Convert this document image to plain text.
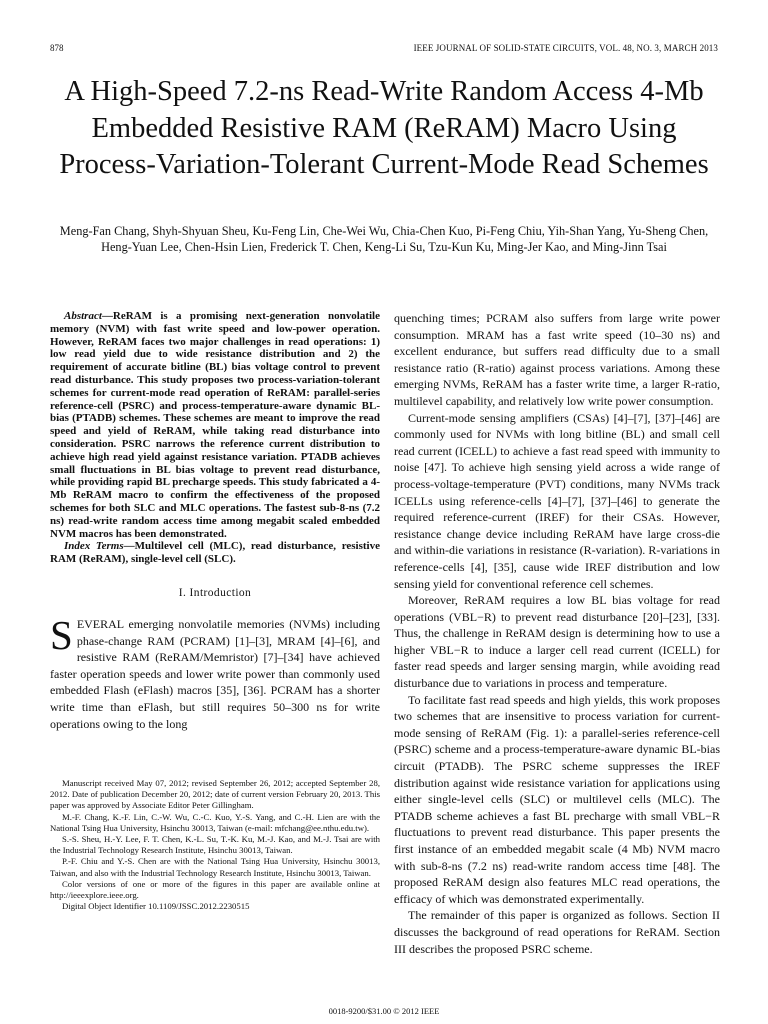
878	IEEE JOURNAL OF SOLID-STATE CIRCUITS, VOL. 48, NO. 3, MARCH 2013
A High-Speed 7.2-ns Read-Write Random Access 4-Mb Embedded Resistive RAM (ReRAM) Macro Using Process-Variation-Tolerant Current-Mode Read Schemes
Meng-Fan Chang, Shyh-Shyuan Sheu, Ku-Feng Lin, Che-Wei Wu, Chia-Chen Kuo, Pi-Feng Chiu, Yih-Shan Yang, Yu-Sheng Chen, Heng-Yuan Lee, Chen-Hsin Lien, Frederick T. Chen, Keng-Li Su, Tzu-Kun Ku, Ming-Jer Kao, and Ming-Jinn Tsai

Abstract—ReRAM is a promising next-generation nonvolatile memory (NVM) with fast write speed and low-power operation. However, ReRAM faces two major challenges in read operations: 1) low read yield due to wide resistance distribution and 2) the requirement of accurate bitline (BL) bias voltage control to prevent read disturbance. This study proposes two process-variation-tolerant schemes for current-mode read operation of ReRAM: parallel-series reference-cell (PSRC) and process-temperature-aware dynamic BL-bias (PTADB) schemes. These schemes are meant to improve the read speed and yield of ReRAM, while taking read disturbance into consideration. PSRC narrows the reference current distribution to achieve high read yield against resistance variation. PTADB achieves small fluctuations in BL bias voltage to prevent read disturbance, while providing rapid BL precharge speeds. This study fabricated a 4-Mb ReRAM macro to confirm the effectiveness of the proposed schemes for both SLC and MLC operations. The fastest sub-8-ns (7.2 ns) read-write random access time among megabit scaled embedded NVM macros has been demonstrated.

Index Terms—Multilevel cell (MLC), read disturbance, resistive RAM (ReRAM), single-level cell (SLC).

I. Introduction

SEVERAL emerging nonvolatile memories (NVMs) including phase-change RAM (PCRAM) [1]–[3], MRAM [4]–[6], and resistive RAM (ReRAM/Memristor) [7]–[34] have achieved faster operation speeds and lower write power than commonly used embedded Flash (eFlash) macros [35], [36]. PCRAM has a shorter write time than eFlash, but still requires 50–300 ns for write operations owing to the long

Manuscript received May 07, 2012; revised September 26, 2012; accepted September 28, 2012. Date of publication December 20, 2012; date of current version February 20, 2013. This paper was approved by Associate Editor Peter Gillingham.

M.-F. Chang, K.-F. Lin, C.-W. Wu, C.-C. Kuo, Y.-S. Yang, and C.-H. Lien are with the National Tsing Hua University, Hsinchu 30013, Taiwan (e-mail: mfchang@ee.nthu.edu.tw).

S.-S. Sheu, H.-Y. Lee, F. T. Chen, K.-L. Su, T.-K. Ku, M.-J. Kao, and M.-J. Tsai are with the Industrial Technology Research Institute, Hsinchu 30013, Taiwan.

P.-F. Chiu and Y.-S. Chen are with the National Tsing Hua University, Hsinchu 30013, Taiwan, and also with the Industrial Technology Research Institute, Hsinchu 30013, Taiwan.

Color versions of one or more of the figures in this paper are available online at http://ieeexplore.ieee.org.

Digital Object Identifier 10.1109/JSSC.2012.2230515

quenching times; PCRAM also suffers from large write power consumption. MRAM has a fast write speed (10–30 ns) and excellent endurance, but suffers read difficulty due to a small resistance ratio (R-ratio) against process variations. Among these emerging NVMs, ReRAM has a faster write time, a larger R-ratio, multilevel capability, and relatively low write power consumption.

Current-mode sensing amplifiers (CSAs) [4]–[7], [37]–[46] are commonly used for NVMs with long bitline (BL) and small cell read current (ICELL) to achieve a fast read speed with immunity to noise [47]. To achieve high sensing yield across a wide range of process-voltage-temperature (PVT) conditions, many NVMs track ICELLs using reference-cells [4]–[7], [37]–[46] to generate the required reference-current (IREF) for their CSAs. However, resistance change device including ReRAM have large cross-die and within-die variations in resistance (R-variation). R-variations in reference-cells [4], [35], cause wide IREF distribution and low sensing yield for conventional reference cell schemes.

Moreover, ReRAM requires a low BL bias voltage for read operations (VBL−R) to prevent read disturbance [20]–[23], [33]. Thus, the challenge in ReRAM design is determining how to use a higher VBL−R to induce a larger cell read current (ICELL) for faster read speeds and larger sensing margin, while avoiding read disturbance due to variations in process and temperature.

To facilitate fast read speeds and high yields, this work proposes two schemes that are insensitive to process variation for current-mode sensing of ReRAM (Fig. 1): a parallel-series reference-cell (PSRC) scheme and a process-temperature-aware dynamic BL-bias circuit (PTADB). The PSRC scheme suppresses the IREF distribution against wide resistance variation for applications using either single-level cells (SLC) or multilevel cells (MLC). The PTADB scheme achieves a fast BL precharge with small VBL−R fluctuations to prevent read disturbance. This paper presents the first instance of an embedded megabit scale (4 Mb) NVM macro with sub-8-ns (7.2 ns) read-write random access time [48]. The proposed ReRAM design also features MLC read operations, the efficacy of which was demonstrated experimentally.

The remainder of this paper is organized as follows. Section II discusses the background of read operations for ReRAM. Section III describes the proposed PSRC scheme.

0018-9200/$31.00 © 2012 IEEE
